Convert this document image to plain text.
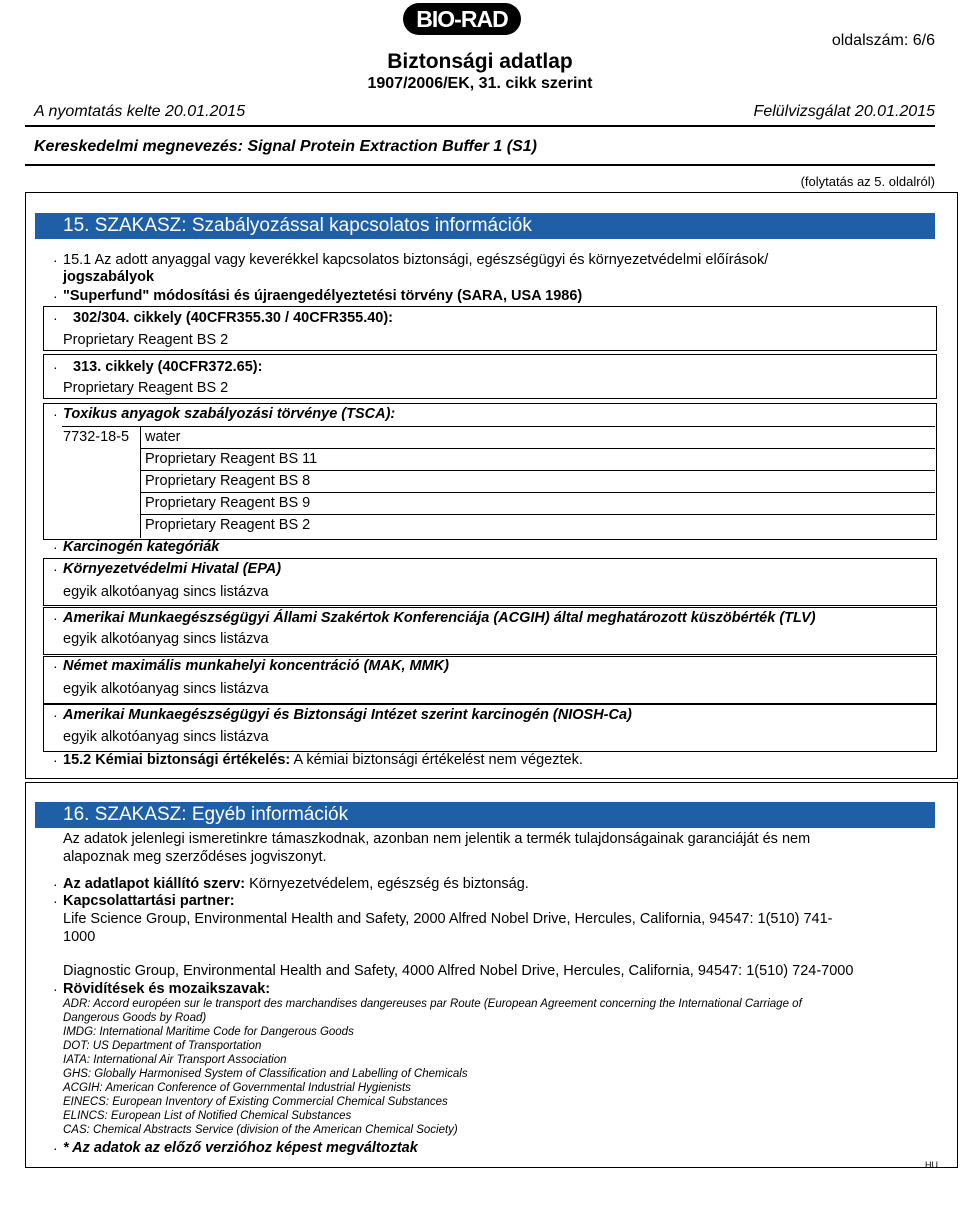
BIO-RAD
oldalszám: 6/6
Biztonsági adatlap
1907/2006/EK, 31. cikk szerint
A nyomtatás kelte 20.01.2015	Felülvizsgálat 20.01.2015
Kereskedelmi megnevezés: Signal Protein Extraction Buffer 1 (S1)
(folytatás az 5. oldalról)
15. SZAKASZ: Szabályozással kapcsolatos információk
· 15.1 Az adott anyaggal vagy keverékkel kapcsolatos biztonsági, egészségügyi és környezetvédelmi előírások/
jogszabályok
· "Superfund" módosítási és újraengedélyeztetési törvény (SARA, USA 1986)
· 302/304. cikkely (40CFR355.30 / 40CFR355.40):
Proprietary Reagent BS 2
· 313. cikkely (40CFR372.65):
Proprietary Reagent BS 2
· Toxikus anyagok szabályozási törvénye (TSCA):
7732-18-5 water
Proprietary Reagent BS 11
Proprietary Reagent BS 8
Proprietary Reagent BS 9
Proprietary Reagent BS 2
· Karcinogén kategóriák
· Környezetvédelmi Hivatal (EPA)
egyik alkotóanyag sincs listázva
· Amerikai Munkaegészségügyi Állami Szakértok Konferenciája (ACGIH) által meghatározott küszöbérték (TLV)
egyik alkotóanyag sincs listázva
· Német maximális munkahelyi koncentráció (MAK, MMK)
egyik alkotóanyag sincs listázva
· Amerikai Munkaegészségügyi és Biztonsági Intézet szerint karcinogén (NIOSH-Ca)
egyik alkotóanyag sincs listázva
· 15.2 Kémiai biztonsági értékelés: A kémiai biztonsági értékelést nem végeztek.
16. SZAKASZ: Egyéb információk
Az adatok jelenlegi ismeretinkre támaszkodnak, azonban nem jelentik a termék tulajdonságainak garanciáját és nem
alapoznak meg szerződéses jogviszonyt.
· Az adatlapot kiállító szerv: Környezetvédelem, egészség és biztonság.
· Kapcsolattartási partner:
Life Science Group, Environmental Health and Safety, 2000 Alfred Nobel Drive, Hercules, California, 94547: 1(510) 741-
1000
Diagnostic Group, Environmental Health and Safety, 4000 Alfred Nobel Drive, Hercules, California, 94547: 1(510) 724-7000
· Rövidítések és mozaikszavak:
ADR: Accord européen sur le transport des marchandises dangereuses par Route (European Agreement concerning the International Carriage of
Dangerous Goods by Road)
IMDG: International Maritime Code for Dangerous Goods
DOT: US Department of Transportation
IATA: International Air Transport Association
GHS: Globally Harmonised System of Classification and Labelling of Chemicals
ACGIH: American Conference of Governmental Industrial Hygienists
EINECS: European Inventory of Existing Commercial Chemical Substances
ELINCS: European List of Notified Chemical Substances
CAS: Chemical Abstracts Service (division of the American Chemical Society)
· * Az adatok az előző verzióhoz képest megváltoztak
HU
